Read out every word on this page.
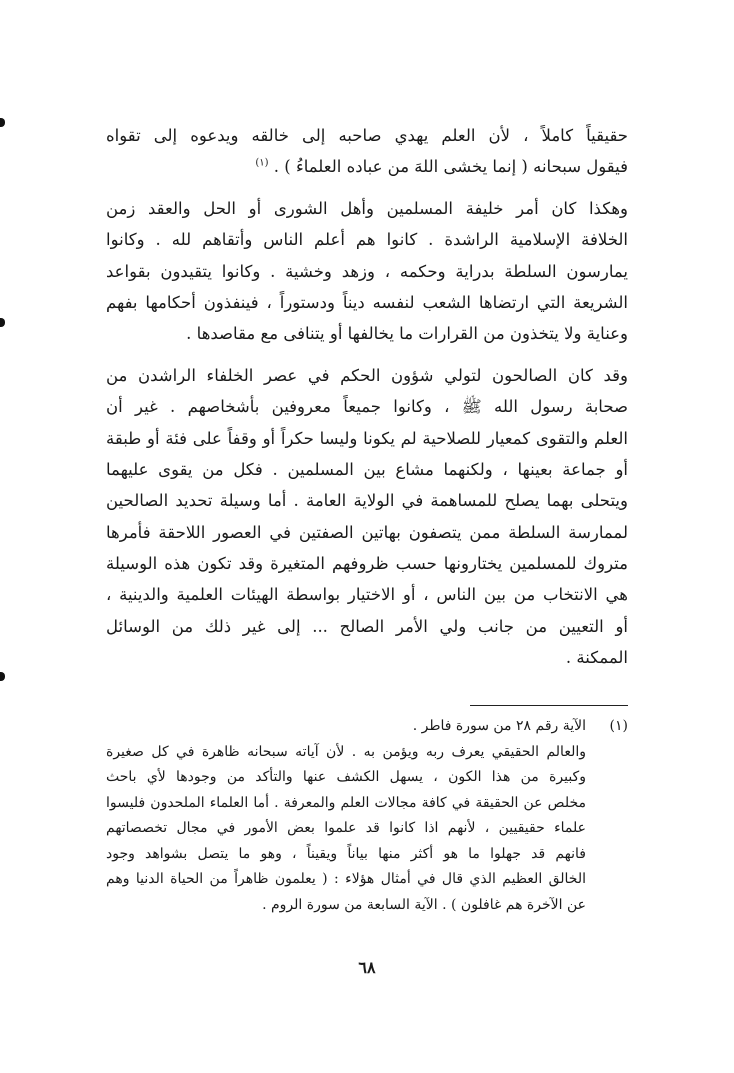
حقيقياً كاملاً ، لأن العلم يهدي صاحبه إلى خالقه ويدعوه إلى تقواه
فيقول سبحانه ( إنما يخشى اللهَ من عباده العلماءُ ) . $^{(١)}$
وهكذا كان أمر خليفة المسلمين وأهل الشورى أو الحل والعقد زمن
الخلافة الإسلامية الراشدة . كانوا هم أعلم الناس وأتقاهم لله . وكانوا
يمارسون السلطة بدراية وحكمه ، وزهد وخشية . وكانوا يتقيدون بقواعد
الشريعة التي ارتضاها الشعب لنفسه ديناً ودستوراً ، فينفذون أحكامها بفهم
وعناية ولا يتخذون من القرارات ما يخالفها أو يتنافى مع مقاصدها .
وقد كان الصالحون لتولي شؤون الحكم في عصر الخلفاء الراشدن من
صحابة رسول الله ﷺ ، وكانوا جميعاً معروفين بأشخاصهم . غير أن
العلم والتقوى كمعيار للصلاحية لم يكونا وليسا حكراً أو وقفاً على فئة أو طبقة
أو جماعة بعينها ، ولكنهما مشاع بين المسلمين . فكل من يقوى عليهما
ويتحلى بهما يصلح للمساهمة في الولاية العامة . أما وسيلة تحديد الصالحين
لممارسة السلطة ممن يتصفون بهاتين الصفتين في العصور اللاحقة فأمرها
متروك للمسلمين يختارونها حسب ظروفهم المتغيرة وقد تكون هذه الوسيلة
هي الانتخاب من بين الناس ، أو الاختيار بواسطة الهيئات العلمية والدينية ،
أو التعيين من جانب ولي الأمر الصالح ... إلى غير ذلك من الوسائل
الممكنة .
(١)
الآية رقم ٢٨ من سورة فاطر .
والعالم الحقيقي يعرف ربه ويؤمن به . لأن آياته سبحانه ظاهرة في كل صغيرة
وكبيرة من هذا الكون ، يسهل الكشف عنها والتأكد من وجودها لأي باحث
مخلص عن الحقيقة في كافة مجالات العلم والمعرفة . أما العلماء الملحدون فليسوا
علماء حقيقيين ، لأنهم اذا كانوا قد علموا بعض الأمور في مجال تخصصاتهم
فانهم قد جهلوا ما هو أكثر منها بياناً ويقيناً ، وهو ما يتصل بشواهد وجود
الخالق العظيم الذي قال في أمثال هؤلاء : ( يعلمون ظاهراً من الحياة الدنيا وهم
عن الآخرة هم غافلون ) . الآية السابعة من سورة الروم .
٦٨
